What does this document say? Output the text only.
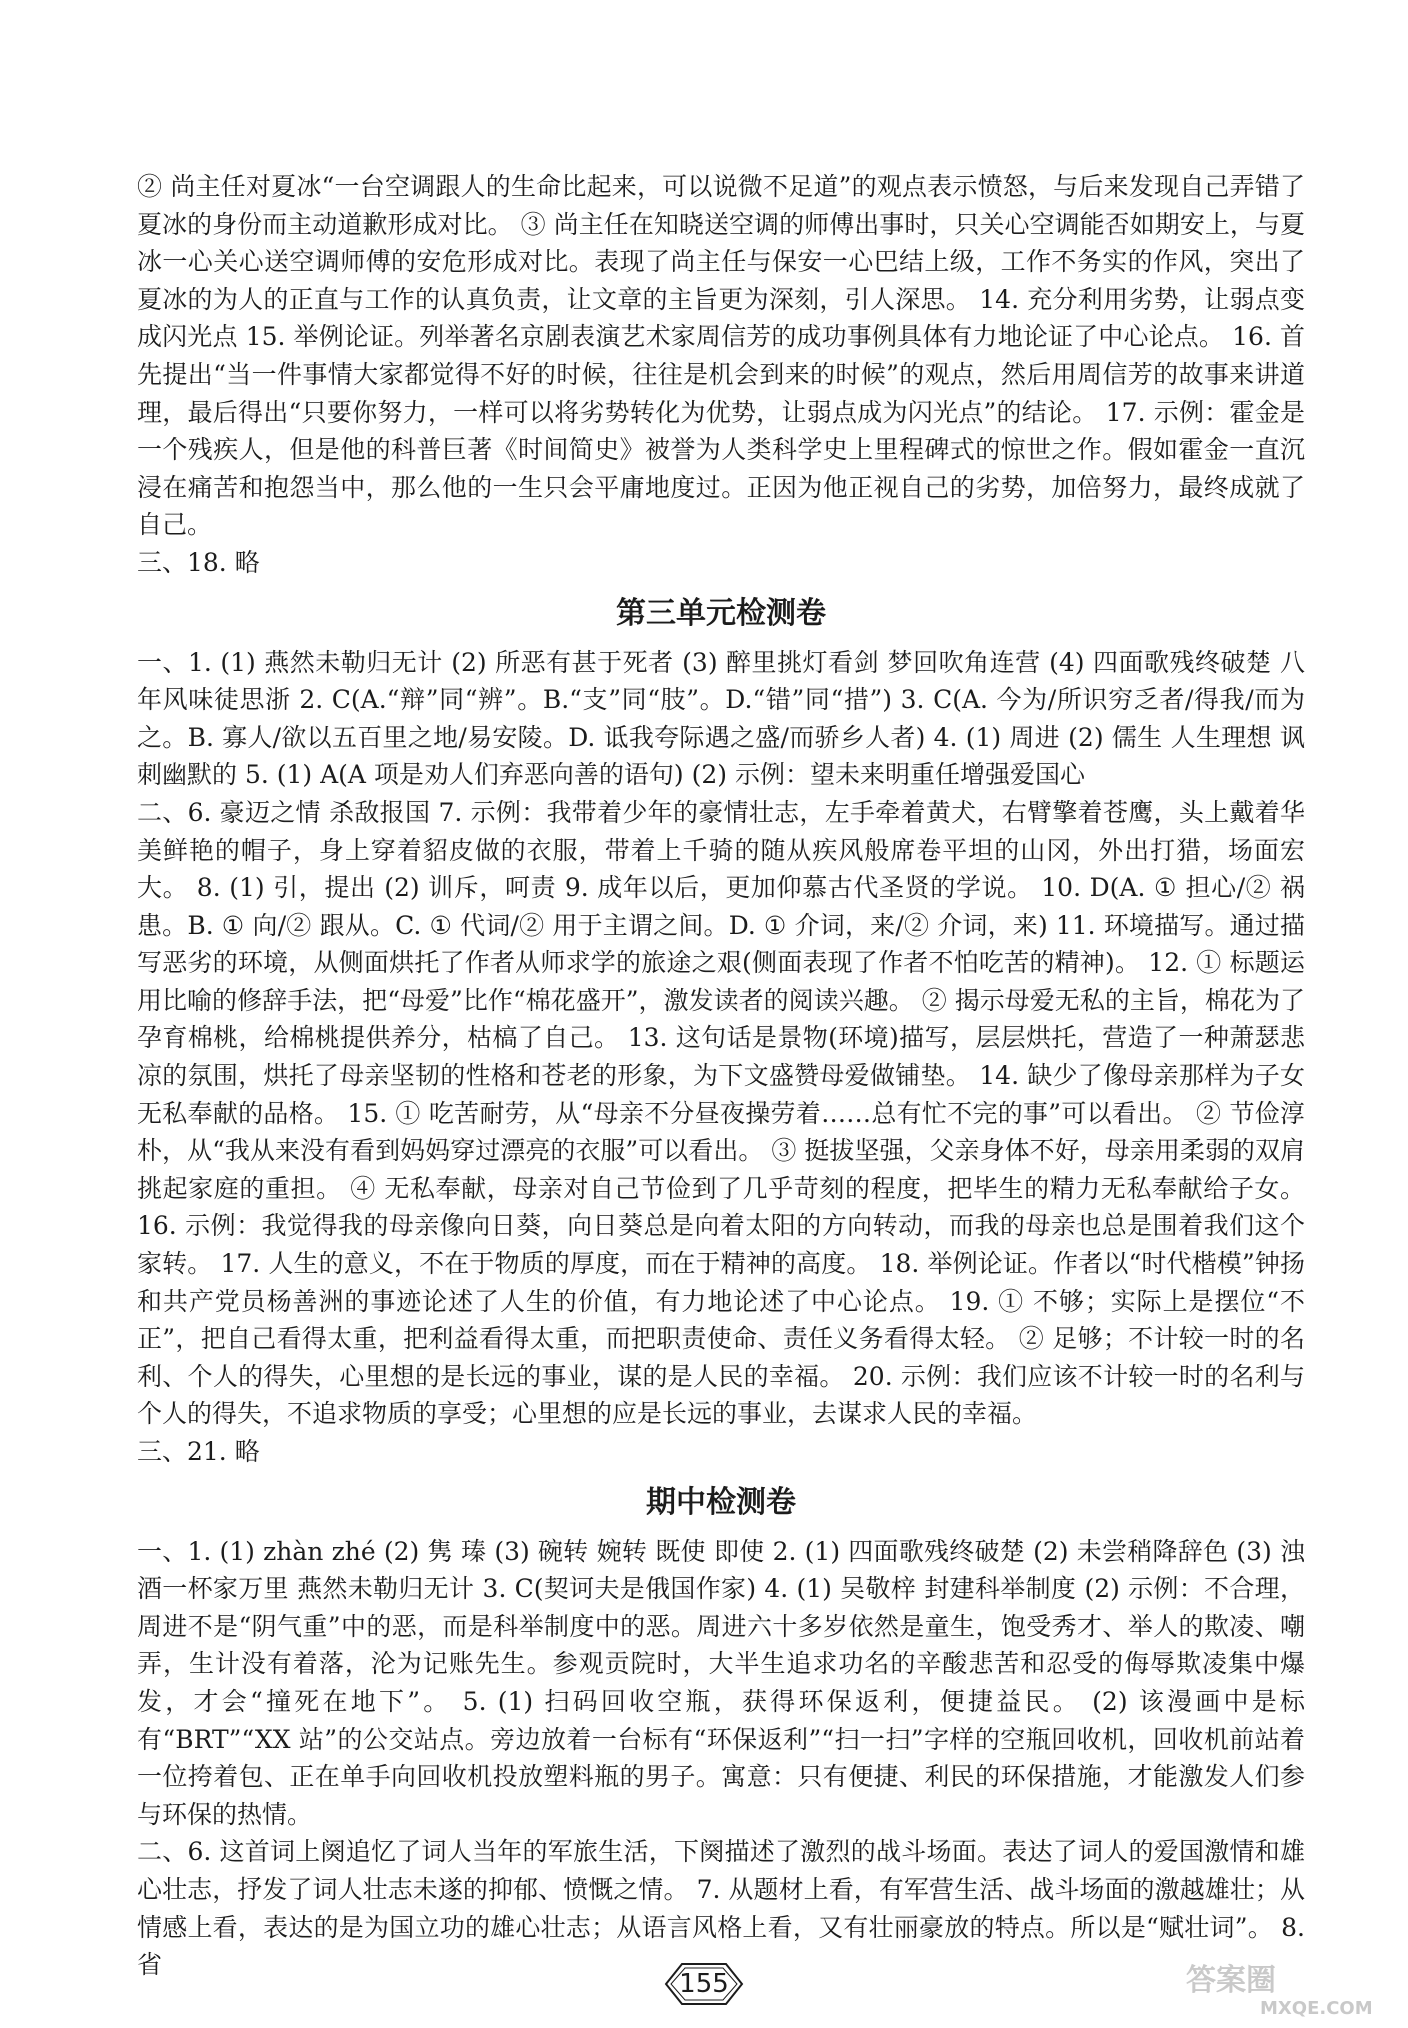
② 尚主任对夏冰“一台空调跟人的生命比起来，可以说微不足道”的观点表示愤怒，与后来发现自己弄错了夏冰的身份而主动道歉形成对比。 ③ 尚主任在知晓送空调的师傅出事时，只关心空调能否如期安上，与夏冰一心关心送空调师傅的安危形成对比。表现了尚主任与保安一心巴结上级，工作不务实的作风，突出了夏冰的为人的正直与工作的认真负责，让文章的主旨更为深刻，引人深思。 14. 充分利用劣势，让弱点变成闪光点 15. 举例论证。列举著名京剧表演艺术家周信芳的成功事例具体有力地论证了中心论点。 16. 首先提出“当一件事情大家都觉得不好的时候，往往是机会到来的时候”的观点，然后用周信芳的故事来讲道理，最后得出“只要你努力，一样可以将劣势转化为优势，让弱点成为闪光点”的结论。 17. 示例：霍金是一个残疾人，但是他的科普巨著《时间简史》被誉为人类科学史上里程碑式的惊世之作。假如霍金一直沉浸在痛苦和抱怨当中，那么他的一生只会平庸地度过。正因为他正视自己的劣势，加倍努力，最终成就了自己。

三、18. 略

第三单元检测卷

一、1. (1) 燕然未勒归无计 (2) 所恶有甚于死者 (3) 醉里挑灯看剑 梦回吹角连营 (4) 四面歌残终破楚 八年风味徒思浙 2. C(A.“辩”同“辨”。B.“支”同“肢”。D.“错”同“措”) 3. C(A. 今为/所识穷乏者/得我/而为之。B. 寡人/欲以五百里之地/易安陵。D. 诋我夸际遇之盛/而骄乡人者) 4. (1) 周进 (2) 儒生 人生理想 讽刺幽默的 5. (1) A(A 项是劝人们弃恶向善的语句) (2) 示例：望未来明重任增强爱国心

二、6. 豪迈之情 杀敌报国 7. 示例：我带着少年的豪情壮志，左手牵着黄犬，右臂擎着苍鹰，头上戴着华美鲜艳的帽子，身上穿着貂皮做的衣服，带着上千骑的随从疾风般席卷平坦的山冈，外出打猎，场面宏大。 8. (1) 引，提出 (2) 训斥，呵责 9. 成年以后，更加仰慕古代圣贤的学说。 10. D(A. ① 担心/② 祸患。B. ① 向/② 跟从。C. ① 代词/② 用于主谓之间。D. ① 介词，来/② 介词，来) 11. 环境描写。通过描写恶劣的环境，从侧面烘托了作者从师求学的旅途之艰(侧面表现了作者不怕吃苦的精神)。 12. ① 标题运用比喻的修辞手法，把“母爱”比作“棉花盛开”，激发读者的阅读兴趣。 ② 揭示母爱无私的主旨，棉花为了孕育棉桃，给棉桃提供养分，枯槁了自己。 13. 这句话是景物(环境)描写，层层烘托，营造了一种萧瑟悲凉的氛围，烘托了母亲坚韧的性格和苍老的形象，为下文盛赞母爱做铺垫。 14. 缺少了像母亲那样为子女无私奉献的品格。 15. ① 吃苦耐劳，从“母亲不分昼夜操劳着……总有忙不完的事”可以看出。 ② 节俭淳朴，从“我从来没有看到妈妈穿过漂亮的衣服”可以看出。 ③ 挺拔坚强，父亲身体不好，母亲用柔弱的双肩挑起家庭的重担。 ④ 无私奉献，母亲对自己节俭到了几乎苛刻的程度，把毕生的精力无私奉献给子女。 16. 示例：我觉得我的母亲像向日葵，向日葵总是向着太阳的方向转动，而我的母亲也总是围着我们这个家转。 17. 人生的意义，不在于物质的厚度，而在于精神的高度。 18. 举例论证。作者以“时代楷模”钟扬和共产党员杨善洲的事迹论述了人生的价值，有力地论述了中心论点。 19. ① 不够；实际上是摆位“不正”，把自己看得太重，把利益看得太重，而把职责使命、责任义务看得太轻。 ② 足够；不计较一时的名利、个人的得失，心里想的是长远的事业，谋的是人民的幸福。 20. 示例：我们应该不计较一时的名利与个人的得失，不追求物质的享受；心里想的应是长远的事业，去谋求人民的幸福。

三、21. 略

期中检测卷

一、1. (1) zhàn zhé (2) 隽 瑧 (3) 碗转 婉转 既使 即使 2. (1) 四面歌残终破楚 (2) 未尝稍降辞色 (3) 浊酒一杯家万里 燕然未勒归无计 3. C(契诃夫是俄国作家) 4. (1) 吴敬梓 封建科举制度 (2) 示例：不合理，周进不是“阴气重”中的恶，而是科举制度中的恶。周进六十多岁依然是童生，饱受秀才、举人的欺凌、嘲弄，生计没有着落，沦为记账先生。参观贡院时，大半生追求功名的辛酸悲苦和忍受的侮辱欺凌集中爆发，才会“撞死在地下”。 5. (1) 扫码回收空瓶，获得环保返利，便捷益民。 (2) 该漫画中是标有“BRT”“XX 站”的公交站点。旁边放着一台标有“环保返利”“扫一扫”字样的空瓶回收机，回收机前站着一位挎着包、正在单手向回收机投放塑料瓶的男子。寓意：只有便捷、利民的环保措施，才能激发人们参与环保的热情。

二、6. 这首词上阕追忆了词人当年的军旅生活，下阕描述了激烈的战斗场面。表达了词人的爱国激情和雄心壮志，抒发了词人壮志未遂的抑郁、愤慨之情。 7. 从题材上看，有军营生活、战斗场面的激越雄壮；从情感上看，表达的是为国立功的雄心壮志；从语言风格上看，又有壮丽豪放的特点。所以是“赋壮词”。 8. 省

155	答案圈
MXQE.COM
